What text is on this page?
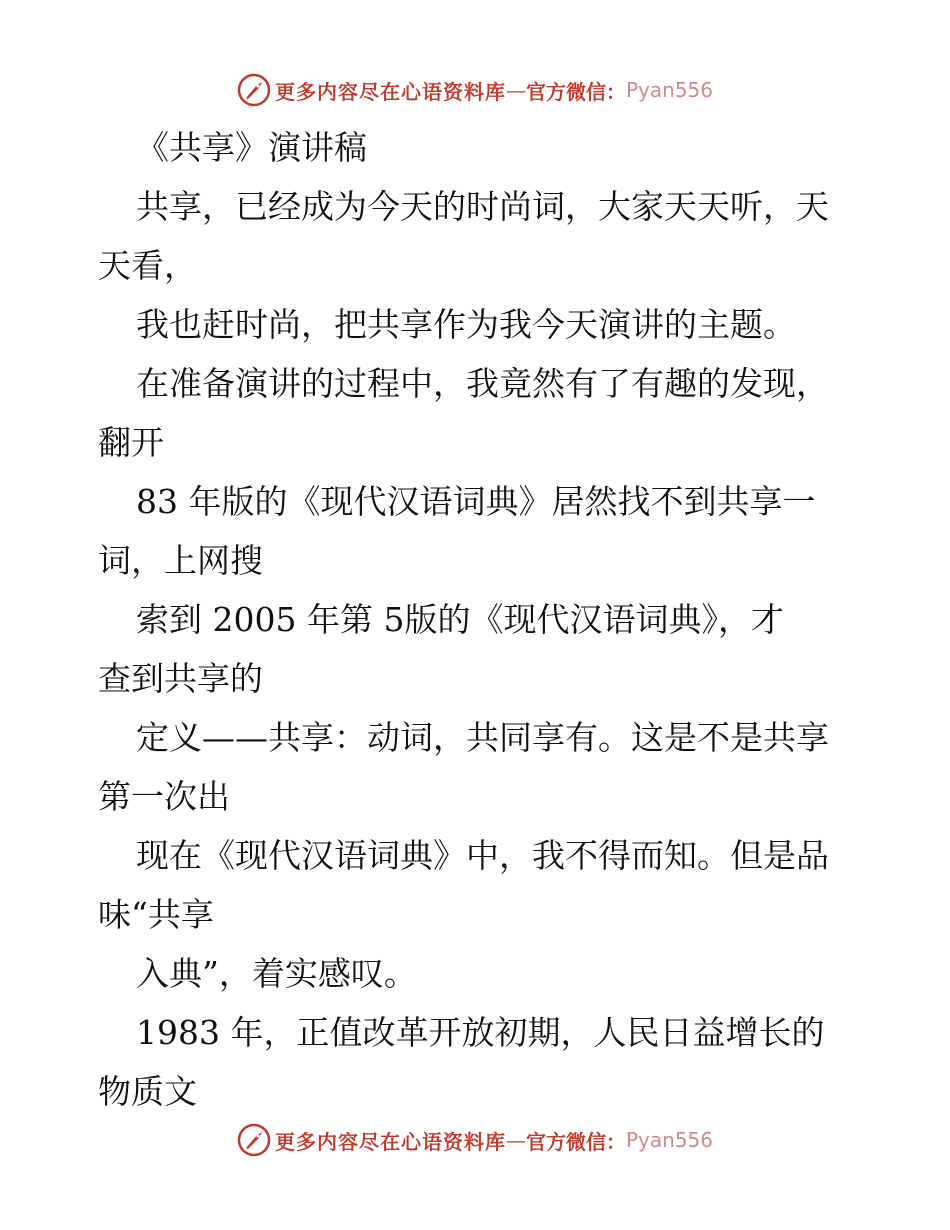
更多内容尽在心语资料库 — 官方微信： Pyan556
《共享》演讲稿
共享，已经成为今天的时尚词，大家天天听，天
天看，
我也赶时尚，把共享作为我今天演讲的主题。
在准备演讲的过程中，我竟然有了有趣的发现，
翻开
83 年版的《现代汉语词典》居然找不到共享一
词，上网搜
索到 2005 年第 5版的《现代汉语词典》，才
查到共享的
定义——共享：动词，共同享有。这是不是共享
第一次出
现在《现代汉语词典》中，我不得而知。但是品
味“共享
入典”，着实感叹。
1983 年，正值改革开放初期，人民日益增长的
物质文
更多内容尽在心语资料库 — 官方微信： Pyan556
